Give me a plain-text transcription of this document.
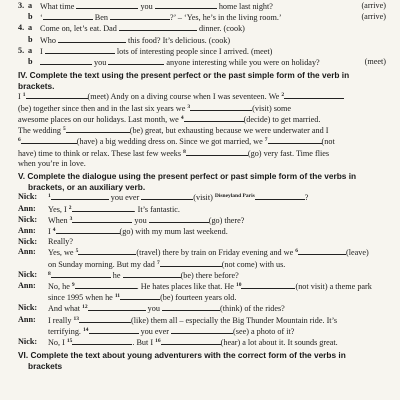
3. a What time	you	home last night?	(arrive)
b ‘	Ben	?’ – ‘Yes, he’s in the living room.’	(arrive)
4. a Come on, let’s eat. Dad	dinner. (cook)
b Who	this food? It’s delicious. (cook)
5. a I	lots of interesting people since I arrived. (meet)
b	you	anyone interesting while you were on holiday?	(meet)
IV. Complete the text using the present perfect or the past simple form of the verb in brackets.
I $^1$	(meet) Andy on a diving course when I was seventeen. We $^2$
(be) together since then and in the last six years we $^3$	(visit) some
awesome places on our holidays. Last month, we $^4$	(decide) to get married.
The wedding $^5$	(be) great, but exhausting because we were underwater and I
$^6$	(have) a big wedding dress on. Since we got married, we $^7$	(not
have) time to think or relax. These last few weeks $^8$	(go) very fast. Time flies
when you’re in love.
V. Complete the dialogue using the present perfect or past simple form of the verbs in
brackets, or an auxiliary verb.
Nick:	$^1$	you ever	(visit) $^{Disneyland Paris}$	?
Ann:	Yes, I $^2$	. It’s fantastic.
Nick:	When $^3$	you	(go) there?
Ann:	I $^4$	(go) with my mum last weekend.
Nick:	Really?
Ann:	Yes, we $^5$	(travel) there by train on Friday evening and we $^6$	(leave)
on Sunday morning. But my dad $^7$	(not come) with us.
Nick:	$^8$	he	(be) there before?
Ann:	No, he $^9$	. He hates places like that. He $^{10}$	(not visit) a theme park
since 1995 when he $^{11}$	(be) fourteen years old.
Nick:	And what $^{12}$	you	(think) of the rides?
Ann:	I really $^{13}$	(like) them all – especially the Big Thunder Mountain ride. It’s
terrifying. $^{14}$	you ever	(see) a photo of it?
Nick:	No, I $^{15}$	. But I $^{16}$	(hear) a lot about it. It sounds great.
VI. Complete the text about young adventurers with the correct form of the verbs in
brackets
